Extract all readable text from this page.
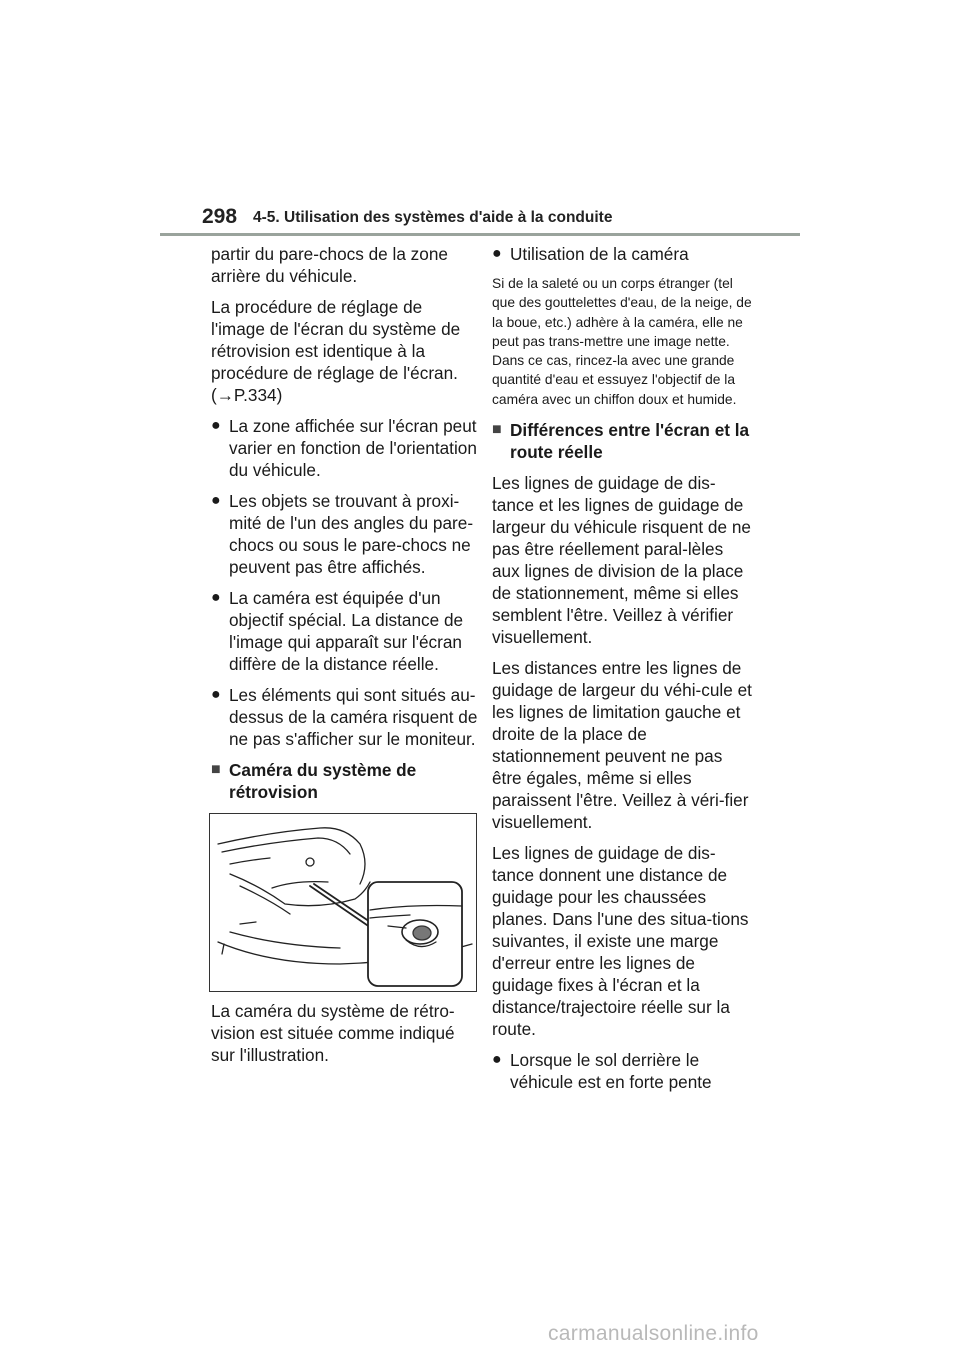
298 4-5. Utilisation des systèmes d'aide à la conduite

partir du pare-chocs de la zone arrière du véhicule.

La procédure de réglage de l'image de l'écran du système de rétrovision est identique à la procédure de réglage de l'écran. (→P.334)

● La zone affichée sur l'écran peut varier en fonction de l'orientation du véhicule.
● Les objets se trouvant à proxi-mité de l'un des angles du pare-chocs ou sous le pare-chocs ne peuvent pas être affichés.
● La caméra est équipée d'un objectif spécial. La distance de l'image qui apparaît sur l'écran diffère de la distance réelle.
● Les éléments qui sont situés au-dessus de la caméra risquent de ne pas s'afficher sur le moniteur.
■ Caméra du système de rétrovision

La caméra du système de rétro-vision est située comme indiqué sur l'illustration.

● Utilisation de la caméra

Si de la saleté ou un corps étranger (tel que des gouttelettes d'eau, de la neige, de la boue, etc.) adhère à la caméra, elle ne peut pas trans-mettre une image nette. Dans ce cas, rincez-la avec une grande quantité d'eau et essuyez l'objectif de la caméra avec un chiffon doux et humide.

■ Différences entre l'écran et la route réelle

Les lignes de guidage de dis-tance et les lignes de guidage de largeur du véhicule risquent de ne pas être réellement paral-lèles aux lignes de division de la place de stationnement, même si elles semblent l'être. Veillez à vérifier visuellement.

Les distances entre les lignes de guidage de largeur du véhi-cule et les lignes de limitation gauche et droite de la place de stationnement peuvent ne pas être égales, même si elles paraissent l'être. Veillez à véri-fier visuellement.

Les lignes de guidage de dis-tance donnent une distance de guidage pour les chaussées planes. Dans l'une des situa-tions suivantes, il existe une marge d'erreur entre les lignes de guidage fixes à l'écran et la distance/trajectoire réelle sur la route.

● Lorsque le sol derrière le véhicule est en forte pente
carmanualsonline.info
